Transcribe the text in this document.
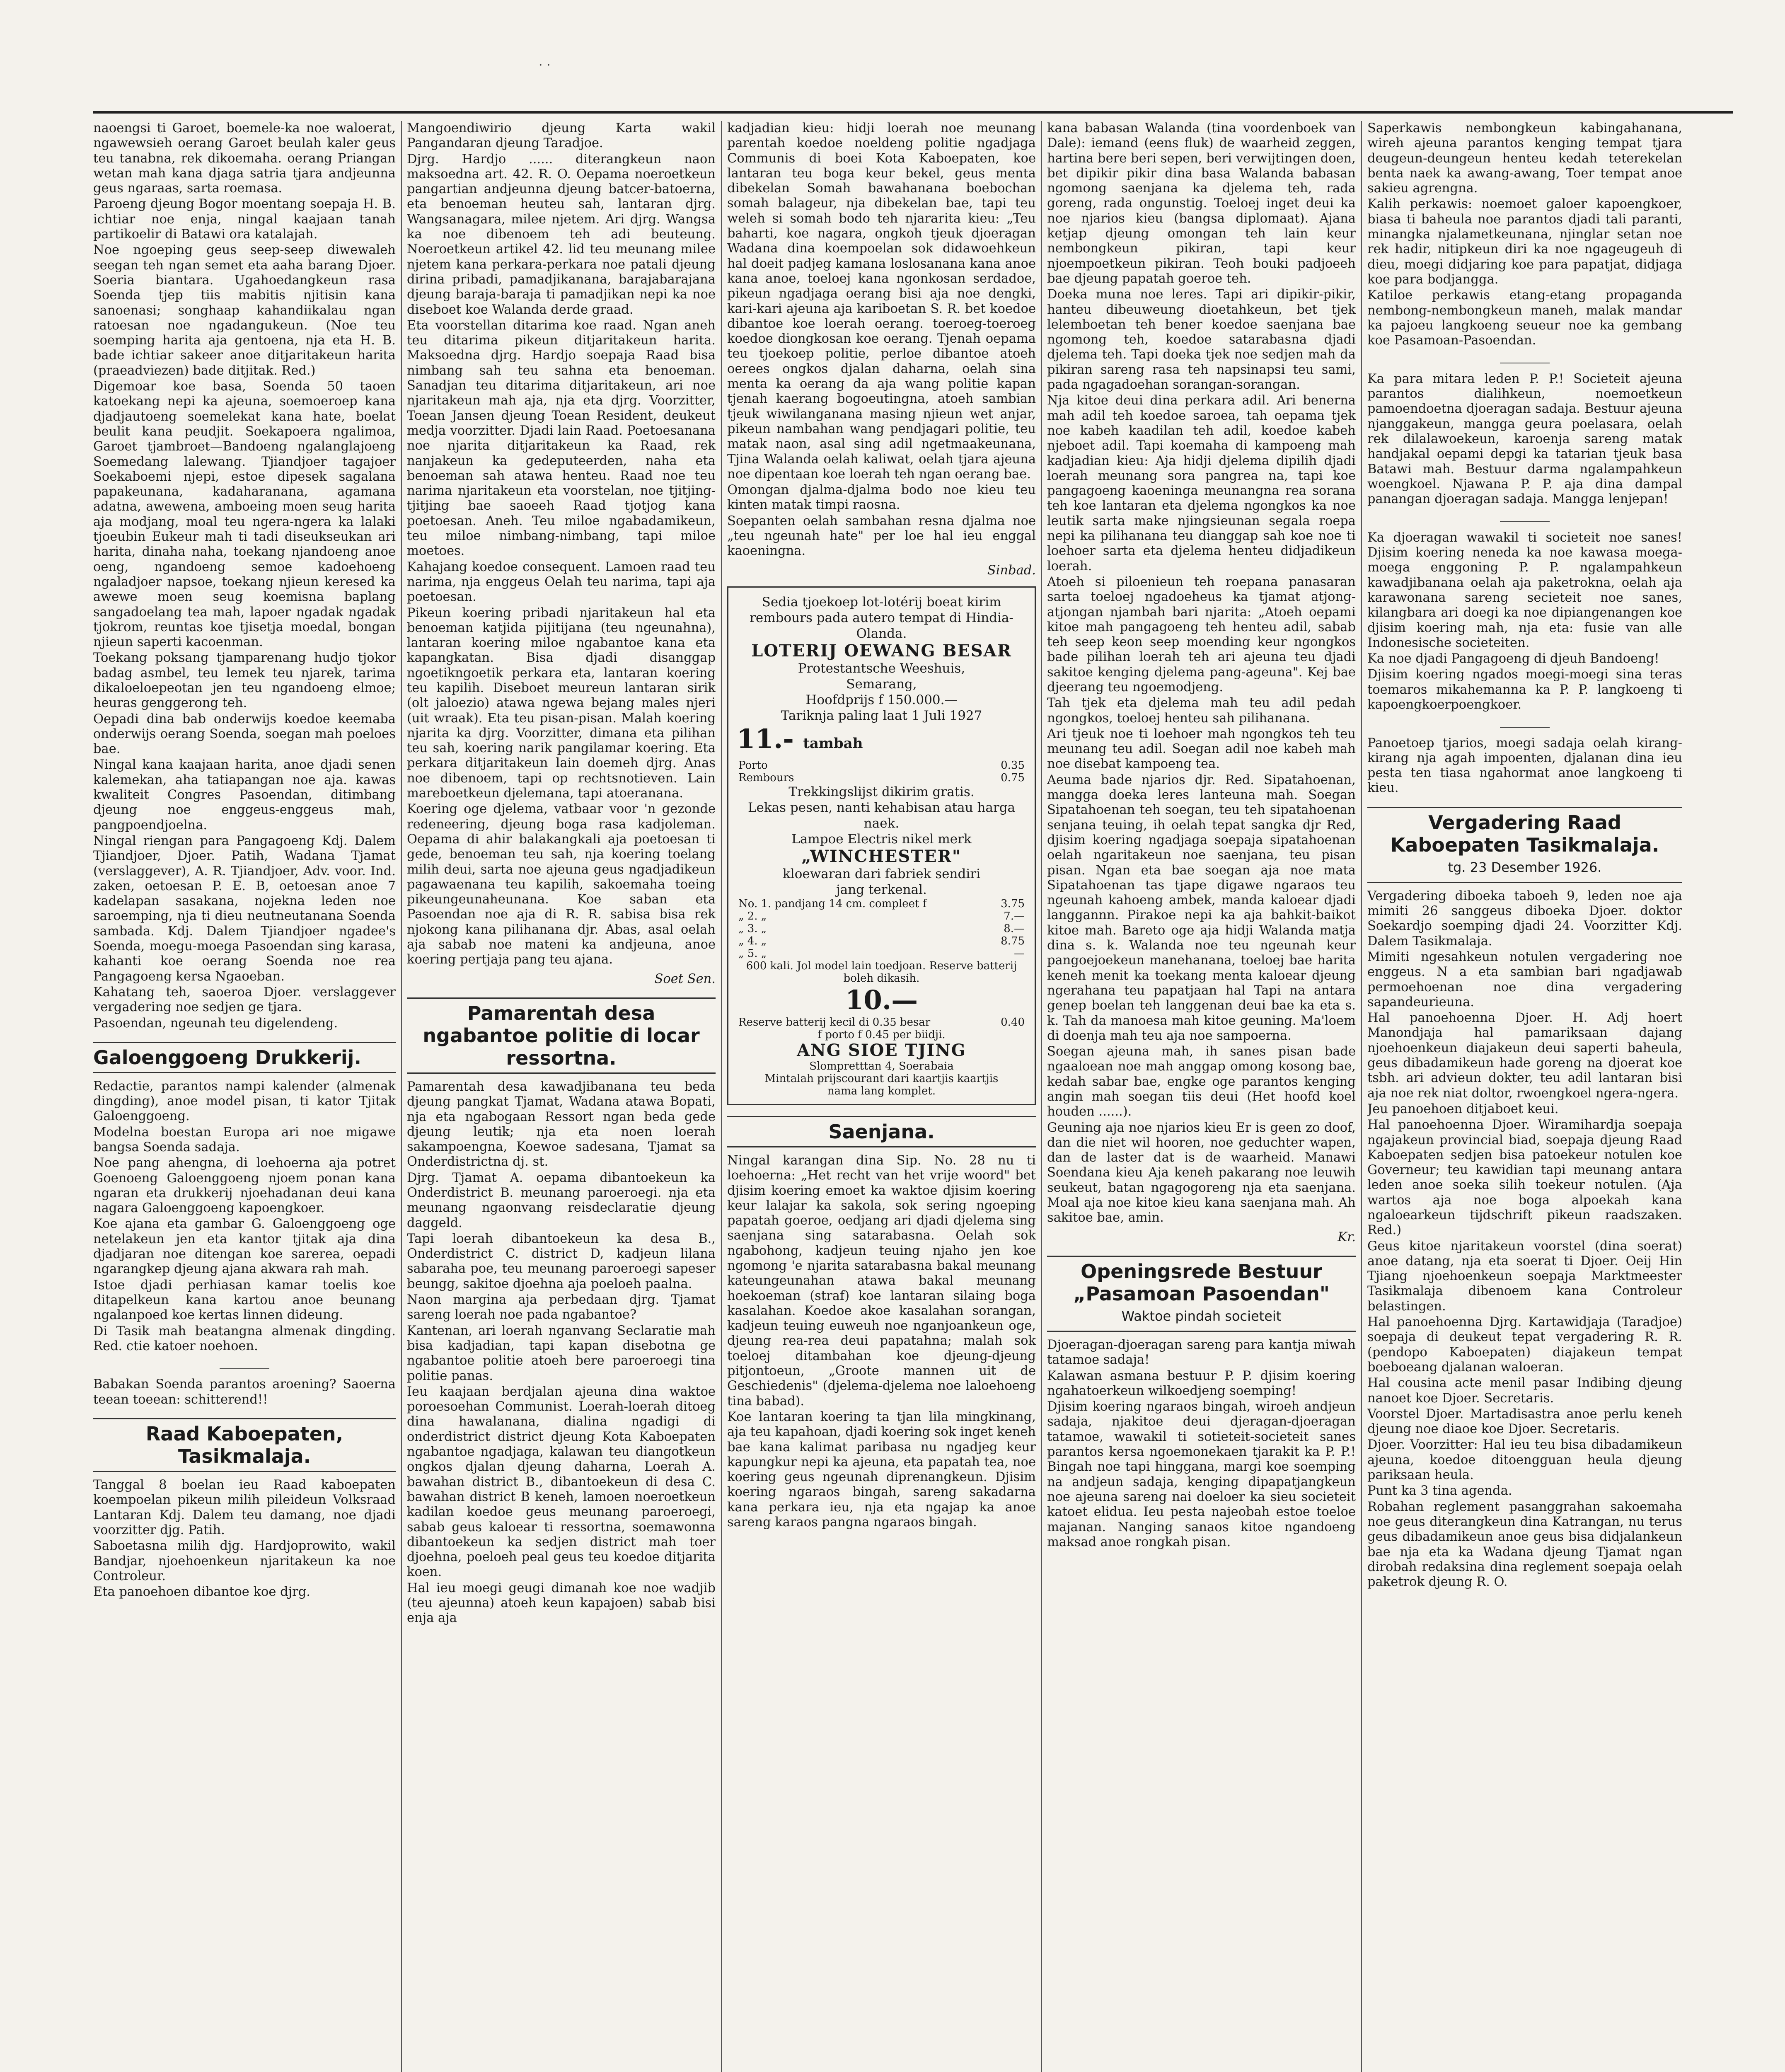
· ·

naoengsi ti Garoet, boemele-ka noe waloerat, ngawewsieh oerang Garoet beulah kaler geus teu tanabna, rek dikoemaha. oerang Priangan wetan mah kana djaga satria tjara andjeunna geus ngaraas, sarta roemasa.

Paroeng djeung Bogor moentang soepaja H. B. ichtiar noe enja, ningal kaajaan tanah partikoelir di Batawi ora katalajah.

Noe ngoeping geus seep-seep diwewaleh seegan teh ngan semet eta aaha barang Djoer. Soeria biantara. Ugahoedangkeun rasa Soenda tjep tiis mabitis njitisin kana sanoenasi; songhaap kahandiikalau ngan ratoesan noe ngadangukeun. (Noe teu soemping harita aja gentoena, nja eta H. B. bade ichtiar sakeer anoe ditjaritakeun harita (praeadviezen) bade ditjitak. Red.)

Digemoar koe basa, Soenda 50 taoen katoekang nepi ka ajeuna, soemoeroep kana djadjautoeng soemelekat kana hate, boelat beulit kana peudjit. Soekapoera ngalimoa, Garoet tjambroet—Bandoeng ngalanglajoeng Soemedang lalewang. Tjiandjoer tagajoer Soekaboemi njepi, estoe dipesek sagalana papakeunana, kadaharanana, agamana adatna, awewena, amboeing moen seug harita aja modjang, moal teu ngera-ngera ka lalaki tjoeubin Eukeur mah ti tadi diseukseukan ari harita, dinaha naha, toekang njandoeng anoe oeng, ngandoeng semoe kadoehoeng ngaladjoer napsoe, toekang njieun keresed ka awewe moen seug koemisna baplang sangadoelang tea mah, lapoer ngadak ngadak tjokrom, reuntas koe tjisetja moedal, bongan njieun saperti kacoenman.

Toekang poksang tjamparenang hudjo tjokor badag asmbel, teu lemek teu njarek, tarima dikaloeloepeotan jen teu ngandoeng elmoe; heuras genggerong teh.

Oepadi dina bab onderwijs koedoe keemaba onderwijs oerang Soenda, soegan mah poeloes bae.

Ningal kana kaajaan harita, anoe djadi senen kalemekan, aha tatiapangan noe aja. kawas kwaliteit Congres Pasoendan, ditimbang djeung noe enggeus-enggeus mah, pangpoendjoelna.

Ningal riengan para Pangagoeng Kdj. Dalem Tjiandjoer, Djoer. Patih, Wadana Tjamat (verslaggever), A. R. Tjiandjoer, Adv. voor. Ind. zaken, oetoesan P. E. B, oetoesan anoe 7 kadelapan sasakana, nojekna leden noe saroemping, nja ti dieu neutneutanana Soenda sambada. Kdj. Dalem Tjiandjoer ngadee's Soenda, moegu-moega Pasoendan sing karasa, kahanti koe oerang Soenda noe rea Pangagoeng kersa Ngaoeban.

Kahatang teh, saoeroa Djoer. verslaggever vergadering noe sedjen ge tjara.

Pasoendan, ngeunah teu digelendeng.

Galoenggoeng Drukkerij.

Redactie, parantos nampi kalender (almenak dingding), anoe model pisan, ti kator Tjitak Galoenggoeng.

Modelna boestan Europa ari noe migawe bangsa Soenda sadaja.

Noe pang ahengna, di loehoerna aja potret Goenoeng Galoenggoeng njoem ponan kana ngaran eta drukkerij njoehadanan deui kana nagara Galoenggoeng kapoengkoer.

Koe ajana eta gambar G. Galoenggoeng oge netelakeun jen eta kantor tjitak aja dina djadjaran noe ditengan koe sarerea, oepadi ngarangkep djeung ajana akwara rah mah.

Istoe djadi perhiasan kamar toelis koe ditapelkeun kana kartou anoe beunang ngalanpoed koe kertas linnen dideung.

Di Tasik mah beatangna almenak dingding. Red. ctie katoer noehoen.

Babakan Soenda parantos aroening? Saoerna teean toeean: schitterend!!

Raad Kaboepaten,
Tasikmalaja.

Tanggal 8 boelan ieu Raad kaboepaten koempoelan pikeun milih pileideun Volksraad Lantaran Kdj. Dalem teu damang, noe djadi voorzitter djg. Patih.

Saboetasna milih djg. Hardjoprowito, wakil Bandjar, njoehoenkeun njaritakeun ka noe Controleur.

Eta panoehoen dibantoe koe djrg.

Mangoendiwirio djeung Karta wakil Pangandaran djeung Taradjoe.

Djrg. Hardjo ...... diterangkeun naon maksoedna art. 42. R. O. Oepama noeroetkeun pangartian andjeunna djeung batcer-batoerna, eta benoeman heuteu sah, lantaran djrg. Wangsanagara, milee njetem. Ari djrg. Wangsa ka noe dibenoem teh adi beuteung. Noeroetkeun artikel 42. lid teu meunang milee njetem kana perkara-perkara noe patali djeung dirina pribadi, pamadjikanana, barajabarajana djeung baraja-baraja ti pamadjikan nepi ka noe diseboet koe Walanda derde graad.

Eta voorstellan ditarima koe raad. Ngan aneh teu ditarima pikeun ditjaritakeun harita. Maksoedna djrg. Hardjo soepaja Raad bisa nimbang sah teu sahna eta benoeman. Sanadjan teu ditarima ditjaritakeun, ari noe njaritakeun mah aja, nja eta djrg. Voorzitter, Toean Jansen djeung Toean Resident, deukeut medja voorzitter. Djadi lain Raad. Poetoesanana noe njarita ditjaritakeun ka Raad, rek nanjakeun ka gedeputeerden, naha eta benoeman sah atawa henteu. Raad noe teu narima njaritakeun eta voorstelan, noe tjitjing-tjitjing bae saoeeh Raad tjotjog kana poetoesan. Aneh. Teu miloe ngabadamikeun, teu miloe nimbang-nimbang, tapi miloe moetoes.

Kahajang koedoe consequent. Lamoen raad teu narima, nja enggeus Oelah teu narima, tapi aja poetoesan.

Pikeun koering pribadi njaritakeun hal eta benoeman katjida pijitijana (teu ngeunahna), lantaran koering miloe ngabantoe kana eta kapangkatan. Bisa djadi disanggap ngoetikngoetik perkara eta, lantaran koering teu kapilih. Diseboet meureun lantaran sirik (olt jaloezio) atawa ngewa bejang males njeri (uit wraak). Eta teu pisan-pisan. Malah koering njarita ka djrg. Voorzitter, dimana eta pilihan teu sah, koering narik pangilamar koering. Eta perkara ditjaritakeun lain doemeh djrg. Anas noe dibenoem, tapi op rechtsnotieven. Lain mareboetkeun djelemana, tapi atoeranana.

Koering oge djelema, vatbaar voor 'n gezonde redeneering, djeung boga rasa kadjoleman. Oepama di ahir balakangkali aja poetoesan ti gede, benoeman teu sah, nja koering toelang milih deui, sarta noe ajeuna geus ngadjadikeun pagawaenana teu kapilih, sakoemaha toeing pikeungeunaheunana. Koe saban eta Pasoendan noe aja di R. R. sabisa bisa rek njokong kana pilihanana djr. Abas, asal oelah aja sabab noe mateni ka andjeuna, anoe koering pertjaja pang teu ajana.

Soet Sen.
Pamarentah desa ngabantoe politie di locar ressortna.

Pamarentah desa kawadjibanana teu beda djeung pangkat Tjamat, Wadana atawa Bopati, nja eta ngabogaan Ressort ngan beda gede djeung leutik; nja eta noen loerah sakampoengna, Koewoe sadesana, Tjamat sa Onderdistrictna dj. st.

Djrg. Tjamat A. oepama dibantoekeun ka Onderdistrict B. meunang paroeroegi. nja eta meunang ngaonvang reisdeclaratie djeung daggeld.

Tapi loerah dibantoekeun ka desa B., Onderdistrict C. district D, kadjeun lilana sabaraha poe, teu meunang paroeroegi sapeser beungg, sakitoe djoehna aja poeloeh paalna.

Naon margina aja perbedaan djrg. Tjamat sareng loerah noe pada ngabantoe?

Kantenan, ari loerah nganvang Seclaratie mah bisa kadjadian, tapi kapan disebotna ge ngabantoe politie atoeh bere paroeroegi tina politie panas.

Ieu kaajaan berdjalan ajeuna dina waktoe poroesoehan Communist. Loerah-loerah ditoeg dina hawalanana, dialina ngadigi di onderdistrict district djeung Kota Kaboepaten ngabantoe ngadjaga, kalawan teu diangotkeun ongkos djalan djeung daharna, Loerah A. bawahan district B., dibantoekeun di desa C. bawahan district B keneh, lamoen noeroetkeun kadilan koedoe geus meunang paroeroegi, sabab geus kaloear ti ressortna, soemawonna dibantoekeun ka sedjen district mah toer djoehna, poeloeh peal geus teu koedoe ditjarita koen.

Hal ieu moegi geugi dimanah koe noe wadjib (teu ajeunna) atoeh keun kapajoen) sabab bisi enja aja

kadjadian kieu: hidji loerah noe meunang parentah koedoe noeldeng politie ngadjaga Communis di boei Kota Kaboepaten, koe lantaran teu boga keur bekel, geus menta dibekelan Somah bawahanana boebochan somah balageur, nja dibekelan bae, tapi teu weleh si somah bodo teh njararita kieu: „Teu baharti, koe nagara, ongkoh tjeuk djoeragan Wadana dina koempoelan sok didawoehkeun hal doeit padjeg kamana loslosanana kana anoe kana anoe, toeloej kana ngonkosan serdadoe, pikeun ngadjaga oerang bisi aja noe dengki, kari-kari ajeuna aja kariboetan S. R. bet koedoe dibantoe koe loerah oerang. toeroeg-toeroeg koedoe diongkosan koe oerang. Tjenah oepama teu tjoekoep politie, perloe dibantoe atoeh oerees ongkos djalan daharna, oelah sina menta ka oerang da aja wang politie kapan tjenah kaerang bogoeutingna, atoeh sambian tjeuk wiwilanganana masing njieun wet anjar, pikeun nambahan wang pendjagari politie, teu matak naon, asal sing adil ngetmaakeunana, Tjina Walanda oelah kaliwat, oelah tjara ajeuna noe dipentaan koe loerah teh ngan oerang bae.

Omongan djalma-djalma bodo noe kieu teu kinten matak timpi raosna.

Soepanten oelah sambahan resna djalma noe „teu ngeunah hate" per loe hal ieu enggal kaoeningna.

Sinbad.
Sedia tjoekoep lot-lotérij boeat kirim rembours pada autero tempat di Hindia-Olanda.
LOTERIJ OEWANG BESAR
Protestantsche Weeshuis,
Semarang,
Hoofdprijs f 150.000.—
Tariknja paling laat 1 Juli 1927
11.- tambah
Porto	0.35
Rembours	0.75
Trekkingslijst dikirim gratis.
Lekas pesen, nanti kehabisan atau harga naek.
Lampoe Electris nikel merk
„WINCHESTER"
kloewaran dari fabriek sendiri
jang terkenal.
No. 1. pandjang 14 cm. compleet f	3.75
„ 2. „	7.—
„ 3. „	8.—
„ 4. „	8.75
„ 5. „	—
600 kali. Jol model lain toedjoan. Reserve batterij boleh dikasih.
10.—
Reserve batterij kecil di 0.35 besar	0.40
f porto f 0.45 per biidji.
ANG SIOE TJING
Slompretttan 4, Soerabaia
Mintalah prijscourant dari kaartjis kaartjis
nama lang komplet.
Saenjana.

Ningal karangan dina Sip. No. 28 nu ti loehoerna: „Het recht van het vrije woord" bet djisim koering emoet ka waktoe djisim koering keur lalajar ka sakola, sok sering ngoeping papatah goeroe, oedjang ari djadi djelema sing saenjana sing satarabasna. Oelah sok ngabohong, kadjeun teuing njaho jen koe ngomong 'e njarita satarabasna bakal meunang kateungeunahan atawa bakal meunang hoekoeman (straf) koe lantaran silaing boga kasalahan. Koedoe akoe kasalahan sorangan, kadjeun teuing euweuh noe nganjoankeun oge, djeung rea-rea deui papatahna; malah sok toeloej ditambahan koe djeung-djeung pitjontoeun, „Groote mannen uit de Geschiedenis" (djelema-djelema noe laloehoeng tina babad).

Koe lantaran koering ta tjan lila mingkinang, aja teu kapahoan, djadi koering sok inget keneh bae kana kalimat paribasa nu ngadjeg keur kapungkur nepi ka ajeuna, eta papatah tea, noe koering geus ngeunah diprenangkeun. Djisim koering ngaraos bingah, sareng sakadarna kana perkara ieu, nja eta ngajap ka anoe sareng karaos pangna ngaraos bingah.

kana babasan Walanda (tina voordenboek van Dale): iemand (eens fluk) de waarheid zeggen, hartina bere beri sepen, beri verwijtingen doen, bet dipikir pikir dina basa Walanda babasan ngomong saenjana ka djelema teh, rada goreng, rada ongunstig. Toeloej inget deui ka noe njarios kieu (bangsa diplomaat). Ajana ketjap djeung omongan teh lain keur nembongkeun pikiran, tapi keur njoempoetkeun pikiran. Teoh bouki padjoeeh bae djeung papatah goeroe teh.

Doeka muna noe leres. Tapi ari dipikir-pikir, hanteu dibeuweung dioetahkeun, bet tjek lelemboetan teh bener koedoe saenjana bae ngomong teh, koedoe satarabasna djadi djelema teh. Tapi doeka tjek noe sedjen mah da pikiran sareng rasa teh napsinapsi teu sami, pada ngagadoehan sorangan-sorangan.

Nja kitoe deui dina perkara adil. Ari benerna mah adil teh koedoe saroea, tah oepama tjek noe kabeh kaadilan teh adil, koedoe kabeh njeboet adil. Tapi koemaha di kampoeng mah kadjadian kieu: Aja hidji djelema dipilih djadi loerah meunang sora pangrea na, tapi koe pangagoeng kaoeninga meunangna rea sorana teh koe lantaran eta djelema ngongkos ka noe leutik sarta make njingsieunan segala roepa nepi ka pilihanana teu dianggap sah koe noe ti loehoer sarta eta djelema henteu didjadikeun loerah.

Atoeh si piloenieun teh roepana panasaran sarta toeloej ngadoeheus ka tjamat atjong-atjongan njambah bari njarita: „Atoeh oepami kitoe mah pangagoeng teh henteu adil, sabab teh seep keon seep moending keur ngongkos bade pilihan loerah teh ari ajeuna teu djadi sakitoe kenging djelema pang-ageuna". Kej bae djeerang teu ngoemodjeng.

Tah tjek eta djelema mah teu adil pedah ngongkos, toeloej henteu sah pilihanana.

Ari tjeuk noe ti loehoer mah ngongkos teh teu meunang teu adil. Soegan adil noe kabeh mah noe disebat kampoeng tea.

Aeuma bade njarios djr. Red. Sipatahoenan, mangga doeka leres lanteuna mah. Soegan Sipatahoenan teh soegan, teu teh sipatahoenan senjana teuing, ih oelah tepat sangka djr Red, djisim koering ngadjaga soepaja sipatahoenan oelah ngaritakeun noe saenjana, teu pisan pisan. Ngan eta bae soegan aja noe mata Sipatahoenan tas tjape digawe ngaraos teu ngeunah kahoeng ambek, manda kaloear djadi langgannn. Pirakoe nepi ka aja bahkit-baikot kitoe mah. Bareto oge aja hidji Walanda matja dina s. k. Walanda noe teu ngeunah keur pangoejoekeun manehanana, toeloej bae harita keneh menit ka toekang menta kaloear djeung ngerahana teu papatjaan hal Tapi na antara genep boelan teh langgenan deui bae ka eta s. k. Tah da manoesa mah kitoe geuning. Ma'loem di doenja mah teu aja noe sampoerna.

Soegan ajeuna mah, ih sanes pisan bade ngaaloean noe mah anggap omong kosong bae, kedah sabar bae, engke oge parantos kenging angin mah soegan tiis deui (Het hoofd koel houden ......).

Geuning aja noe njarios kieu Er is geen zo doof, dan die niet wil hooren, noe geduchter wapen, dan de laster dat is de waarheid. Manawi Soendana kieu Aja keneh pakarang noe leuwih seukeut, batan ngagogoreng nja eta saenjana. Moal aja noe kitoe kieu kana saenjana mah. Ah sakitoe bae, amin.

Kr.
Openingsrede Bestuur
„Pasamoan Pasoendan"
Waktoe pindah societeit

Djoeragan-djoeragan sareng para kantja miwah tatamoe sadaja!

Kalawan asmana bestuur P. P. djisim koering ngahatoerkeun wilkoedjeng soemping!

Djisim koering ngaraos bingah, wiroeh andjeun sadaja, njakitoe deui djeragan-djoeragan tatamoe, wawakil ti sotieteit-societeit sanes parantos kersa ngoemonekaen tjarakit ka P. P.! Bingah noe tapi hinggana, margi koe soemping na andjeun sadaja, kenging dipapatjangkeun noe ajeuna sareng nai doeloer ka sieu societeit katoet elidua. Ieu pesta najeobah estoe toeloe majanan. Nanging sanaos kitoe ngandoeng maksad anoe rongkah pisan.

Saperkawis nembongkeun kabingahanana, wireh ajeuna parantos kenging tempat tjara deugeun-deungeun henteu kedah teterekelan benta naek ka awang-awang, Toer tempat anoe sakieu agrengna.

Kalih perkawis: noemoet galoer kapoengkoer, biasa ti baheula noe parantos djadi tali paranti, minangka njalametkeunana, njinglar setan noe rek hadir, nitipkeun diri ka noe ngageugeuh di dieu, moegi didjaring koe para papatjat, didjaga koe para bodjangga.

Katiloe perkawis etang-etang propaganda nembong-nembongkeun maneh, malak mandar ka pajoeu langkoeng seueur noe ka gembang koe Pasamoan-Pasoendan.

Ka para mitara leden P. P.! Societeit ajeuna parantos dialihkeun, noemoetkeun pamoendoetna djoeragan sadaja. Bestuur ajeuna njanggakeun, mangga geura poelasara, oelah rek dilalawoekeun, karoenja sareng matak handjakal oepami depgi ka tatarian tjeuk basa Batawi mah. Bestuur darma ngalampahkeun woengkoel. Njawana P. P. aja dina dampal panangan djoeragan sadaja. Mangga lenjepan!

Ka djoeragan wawakil ti societeit noe sanes! Djisim koering neneda ka noe kawasa moega-moega enggoning P. P. ngalampahkeun kawadjibanana oelah aja paketrokna, oelah aja karawonana sareng secieteit noe sanes, kilangbara ari doegi ka noe dipiangenangen koe djisim koering mah, nja eta: fusie van alle Indonesische societeiten.

Ka noe djadi Pangagoeng di djeuh Bandoeng!

Djisim koering ngados moegi-moegi sina teras toemaros mikahemanna ka P. P. langkoeng ti kapoengkoerpoengkoer.

Panoetoep tjarios, moegi sadaja oelah kirang-kirang nja agah impoenten, djalanan dina ieu pesta ten tiasa ngahormat anoe langkoeng ti kieu.

Vergadering Raad Kaboepaten Tasikmalaja.
tg. 23 Desember 1926.

Vergadering diboeka taboeh 9, leden noe aja mimiti 26 sanggeus diboeka Djoer. doktor Soekardjo soemping djadi 24. Voorzitter Kdj. Dalem Tasikmalaja.

Mimiti ngesahkeun notulen vergadering noe enggeus. N a eta sambian bari ngadjawab permoehoenan noe dina vergadering sapandeurieuna.

Hal panoehoenna Djoer. H. Adj hoert Manondjaja hal pamariksaan dajang njoehoenkeun diajakeun deui saperti baheula, geus dibadamikeun hade goreng na djoerat koe tsbh. ari advieun dokter, teu adil lantaran bisi aja noe rek niat doltor, rwoengkoel ngera-ngera.

Jeu panoehoen ditjaboet keui.

Hal panoehoenna Djoer. Wiramihardja soepaja ngajakeun provincial biad, soepaja djeung Raad Kaboepaten sedjen bisa patoekeur notulen koe Governeur; teu kawidian tapi meunang antara leden anoe soeka silih toekeur notulen. (Aja wartos aja noe boga alpoekah kana ngaloearkeun tijdschrift pikeun raadszaken. Red.)

Geus kitoe njaritakeun voorstel (dina soerat) anoe datang, nja eta soerat ti Djoer. Oeij Hin Tjiang njoehoenkeun soepaja Marktmeester Tasikmalaja dibenoem kana Controleur belastingen.

Hal panoehoenna Djrg. Kartawidjaja (Taradjoe) soepaja di deukeut tepat vergadering R. R. (pendopo Kaboepaten) diajakeun tempat boeboeang djalanan waloeran.

Hal cousina acte menil pasar Indibing djeung nanoet koe Djoer. Secretaris.

Voorstel Djoer. Martadisastra anoe perlu keneh djeung noe diaoe koe Djoer. Secretaris.

Djoer. Voorzitter: Hal ieu teu bisa dibadamikeun ajeuna, koedoe ditoengguan heula djeung pariksaan heula.

Punt ka 3 tina agenda.

Robahan reglement pasanggrahan sakoemaha noe geus diterangkeun dina Katrangan, nu terus geus dibadamikeun anoe geus bisa didjalankeun bae nja eta ka Wadana djeung Tjamat ngan dirobah redaksina dina reglement soepaja oelah paketrok djeung R. O.
